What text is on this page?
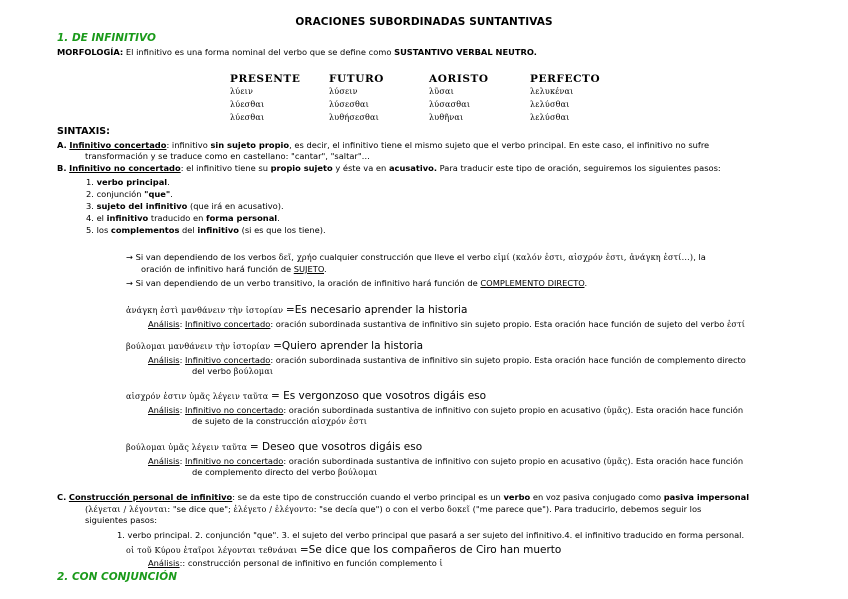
ORACIONES SUBORDINADAS SUNTANTIVAS
1. DE INFINITIVO
MORFOLOGÍA: El infinitivo es una forma nominal del verbo que se define como SUSTANTIVO VERBAL NEUTRO.
PRESENTE	FUTURO	AORISTO	PERFECTO
λύειν	λύσειν	λῦσαι	λελυκέναι
λύεσθαι	λύσεσθαι	λύσασθαι	λελύσθαι
λύεσθαι	λυθήσεσθαι	λυθῆναι	λελύσθαι
SINTAXIS:
A. Infinitivo concertado: infinitivo sin sujeto propio, es decir, el infinitivo tiene el mismo sujeto que el verbo principal. En este caso, el infinitivo no sufre
transformación y se traduce como en castellano: "cantar", "saltar"…
B. Infinitivo no concertado: el infinitivo tiene su propio sujeto y éste va en acusativo. Para traducir este tipo de oración, seguiremos los siguientes pasos:
1. verbo principal.
2. conjunción "que".
3. sujeto del infinitivo (que irá en acusativo).
4. el infinitivo traducido en forma personal.
5. los complementos del infinitivo (si es que los tiene).
→ Si van dependiendo de los verbos δεῖ, χρήo cualquier construcción que lleve el verbo εἰμί (καλόν ἐστι, αἰσχρόν ἐστι, ἀνάγκη ἐστί...), la
oración de infinitivo hará función de SUJETO.
→ Si van dependiendo de un verbo transitivo, la oración de infinitivo hará función de COMPLEMENTO DIRECTO.
ἀνάγκη ἐστὶ μανθάνειν τὴν ἱστορίαν =Es necesario aprender la historia
Análisis: Infinitivo concertado: oración subordinada sustantiva de infinitivo sin sujeto propio. Esta oración hace función de sujeto del verbo ἐστί
βούλομαι μανθάνειν τὴν ἱστορίαν =Quiero aprender la historia
Análisis: Infinitivo concertado: oración subordinada sustantiva de infinitivo sin sujeto propio. Esta oración hace función de complemento directo
del verbo βούλομαι
αἰσχρόν ἐστιν ὑμᾶς λέγειν ταῦτα = Es vergonzoso que vosotros digáis eso
Análisis: Infinitivo no concertado: oración subordinada sustantiva de infinitivo con sujeto propio en acusativo (ὑμᾶς). Esta oración hace función
de sujeto de la construcción αἰσχρόν ἐστι
βούλομαι ὑμᾶς λέγειν ταῦτα = Deseo que vosotros digáis eso
Análisis: Infinitivo no concertado: oración subordinada sustantiva de infinitivo con sujeto propio en acusativo (ὑμᾶς). Esta oración hace función
de complemento directo del verbo βούλομαι
C. Construcción personal de infinitivo: se da este tipo de construcción cuando el verbo principal es un verbo en voz pasiva conjugado como pasiva impersonal
(λέγεται / λέγονται: "se dice que"; ἐλέγετο / ἐλέγοντο: "se decía que") o con el verbo δοκεῖ ("me parece que"). Para traducirlo, debemos seguir los
siguientes pasos:
1. verbo principal. 2. conjunción "que". 3. el sujeto del verbo principal que pasará a ser sujeto del infinitivo.4. el infinitivo traducido en forma personal.
οἱ τοῦ Κύρου ἑταῖροι λέγονται τεθνάναι =Se dice que los compañeros de Ciro han muerto
Análisis:: construcción personal de infinitivo en función complemento ἰ
2. CON CONJUNCIÓN
